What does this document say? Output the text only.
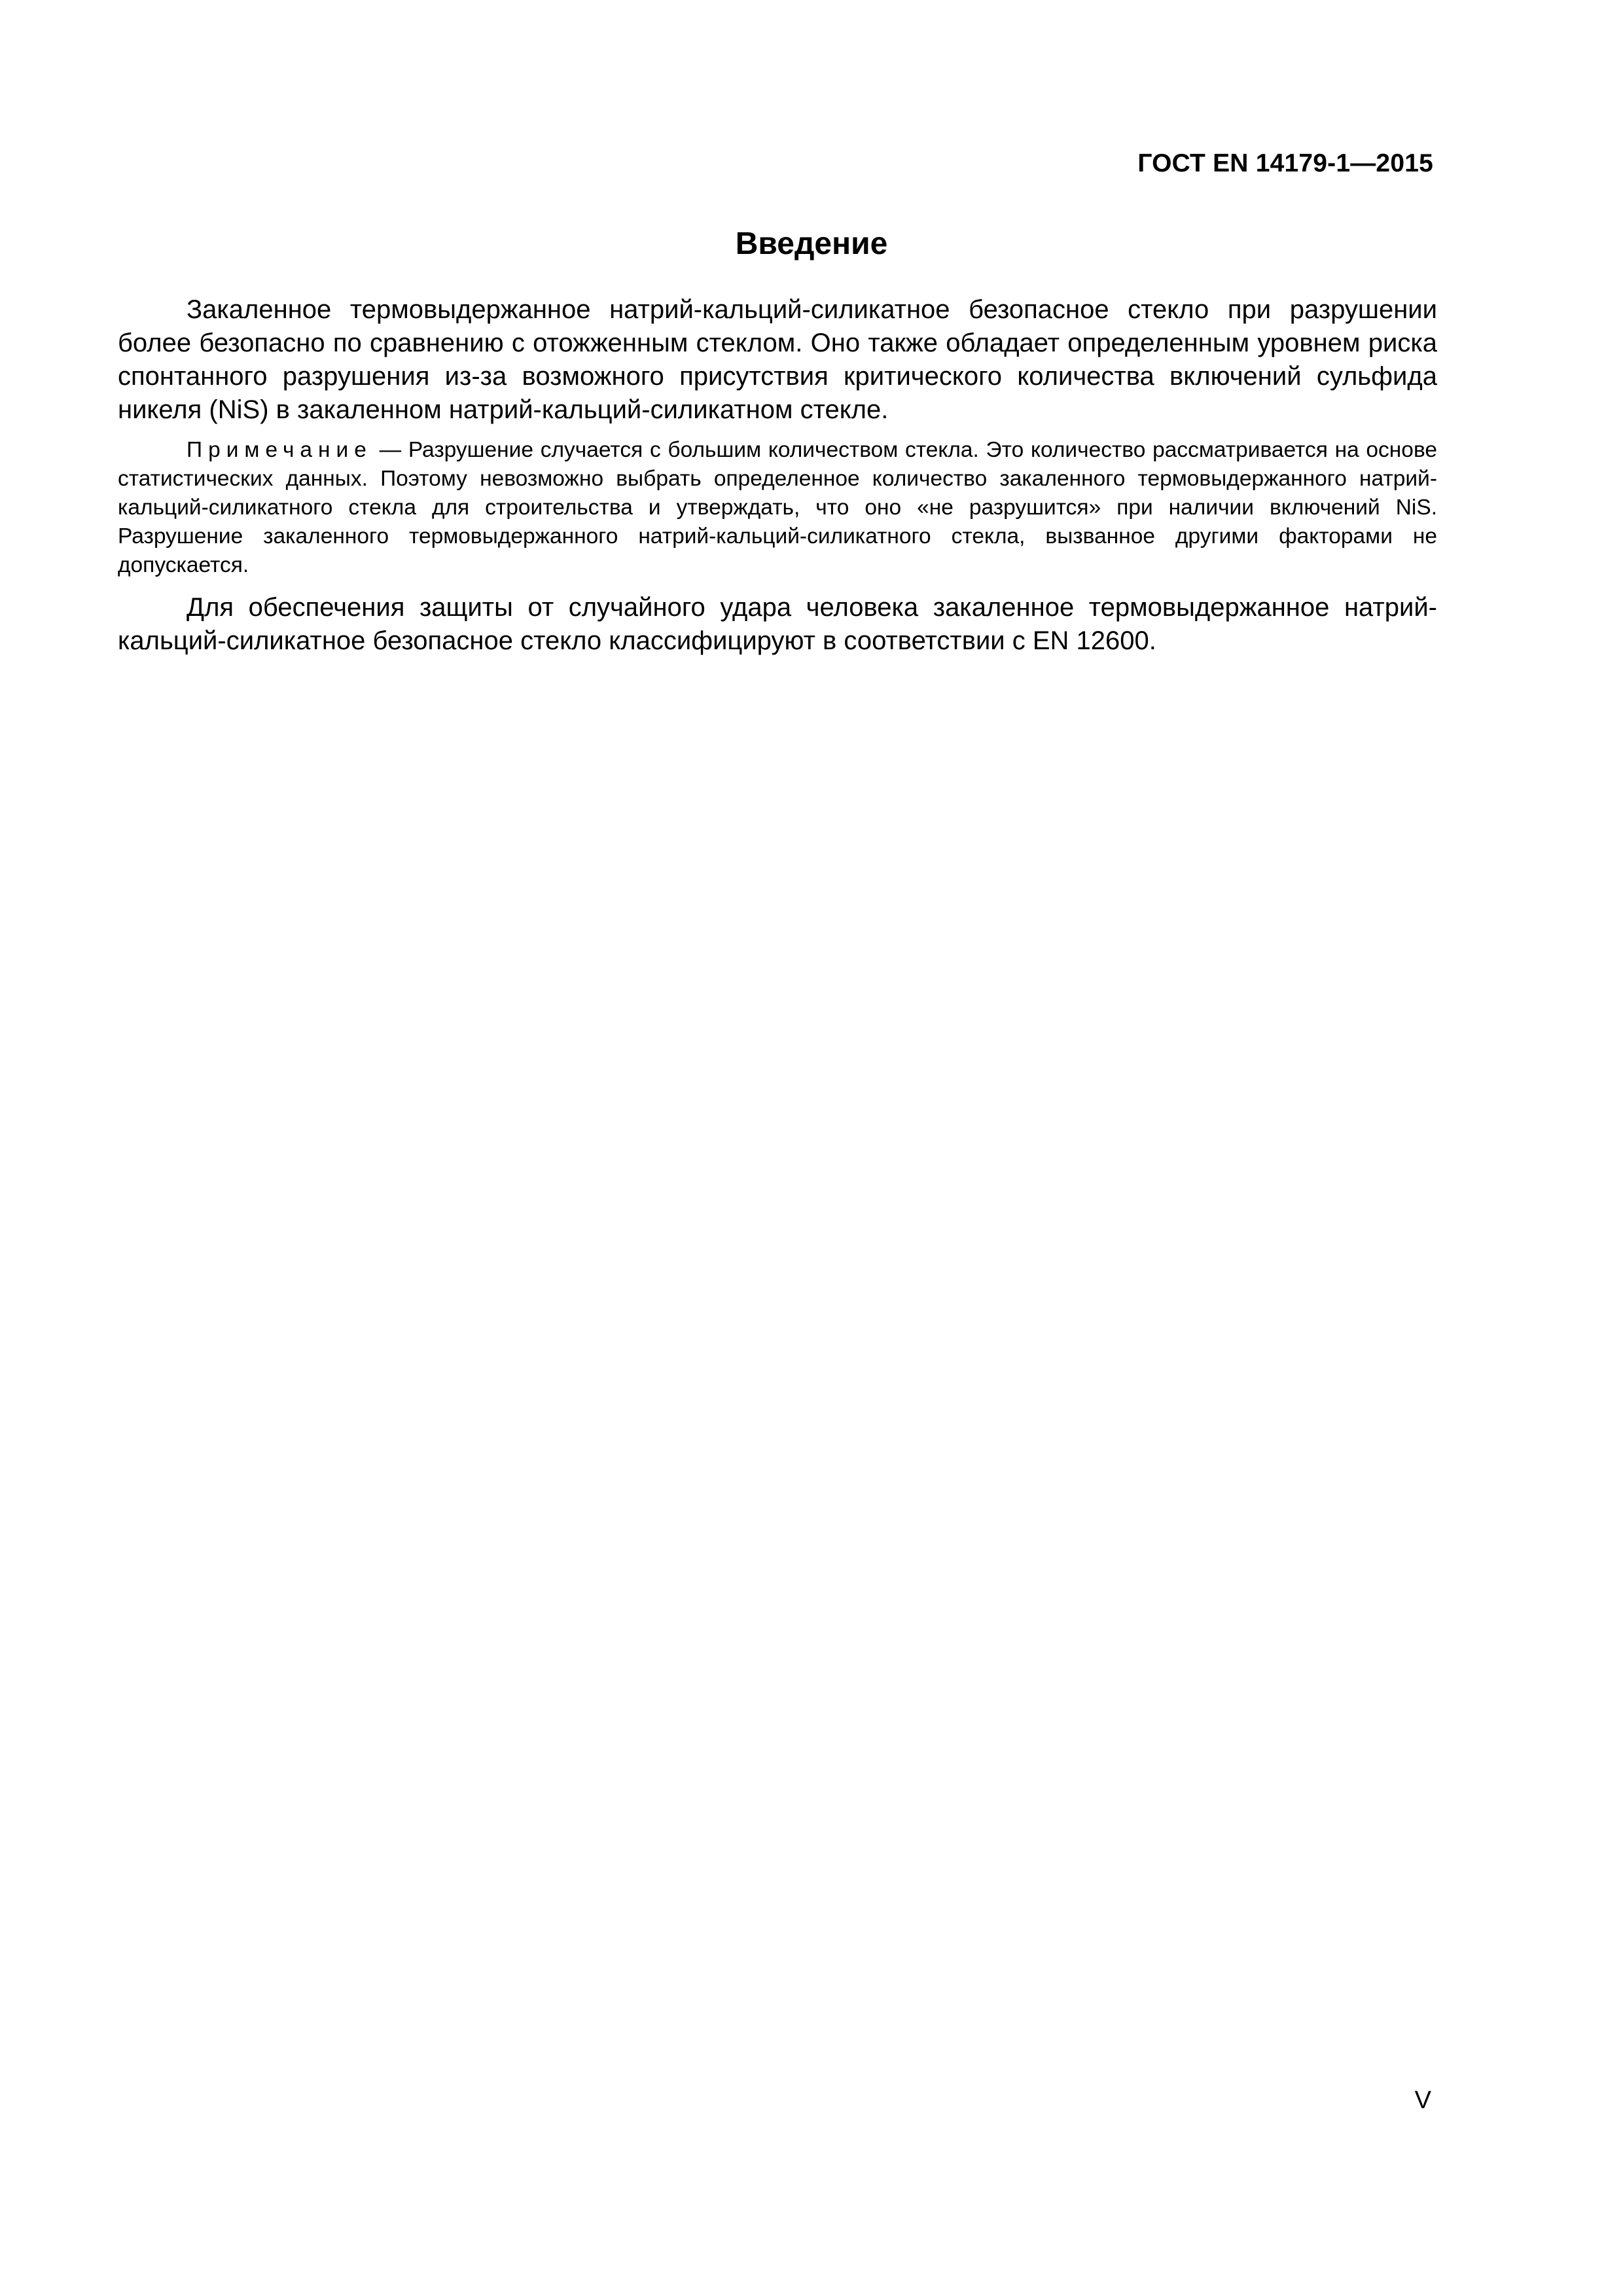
ГОСТ EN 14179-1—2015
Введение

Закаленное термовыдержанное натрий-кальций-силикатное безопасное стекло при разрушении более безопасно по сравнению с отожженным стеклом. Оно также обладает определенным уровнем риска спонтанного разрушения из-за возможного присутствия критического количества включений сульфида никеля (NiS) в закаленном натрий-кальций-силикатном стекле.

Примечание — Разрушение случается с большим количеством стекла. Это количество рассматривается на основе статистических данных. Поэтому невозможно выбрать определенное количество закаленного термовыдержанного натрий-кальций-силикатного стекла для строительства и утверждать, что оно «не разрушится» при наличии включений NiS. Разрушение закаленного термовыдержанного натрий-кальций-силикатного стекла, вызванное другими факторами не допускается.

Для обеспечения защиты от случайного удара человека закаленное термовыдержанное натрий-кальций-силикатное безопасное стекло классифицируют в соответствии с EN 12600.

V
